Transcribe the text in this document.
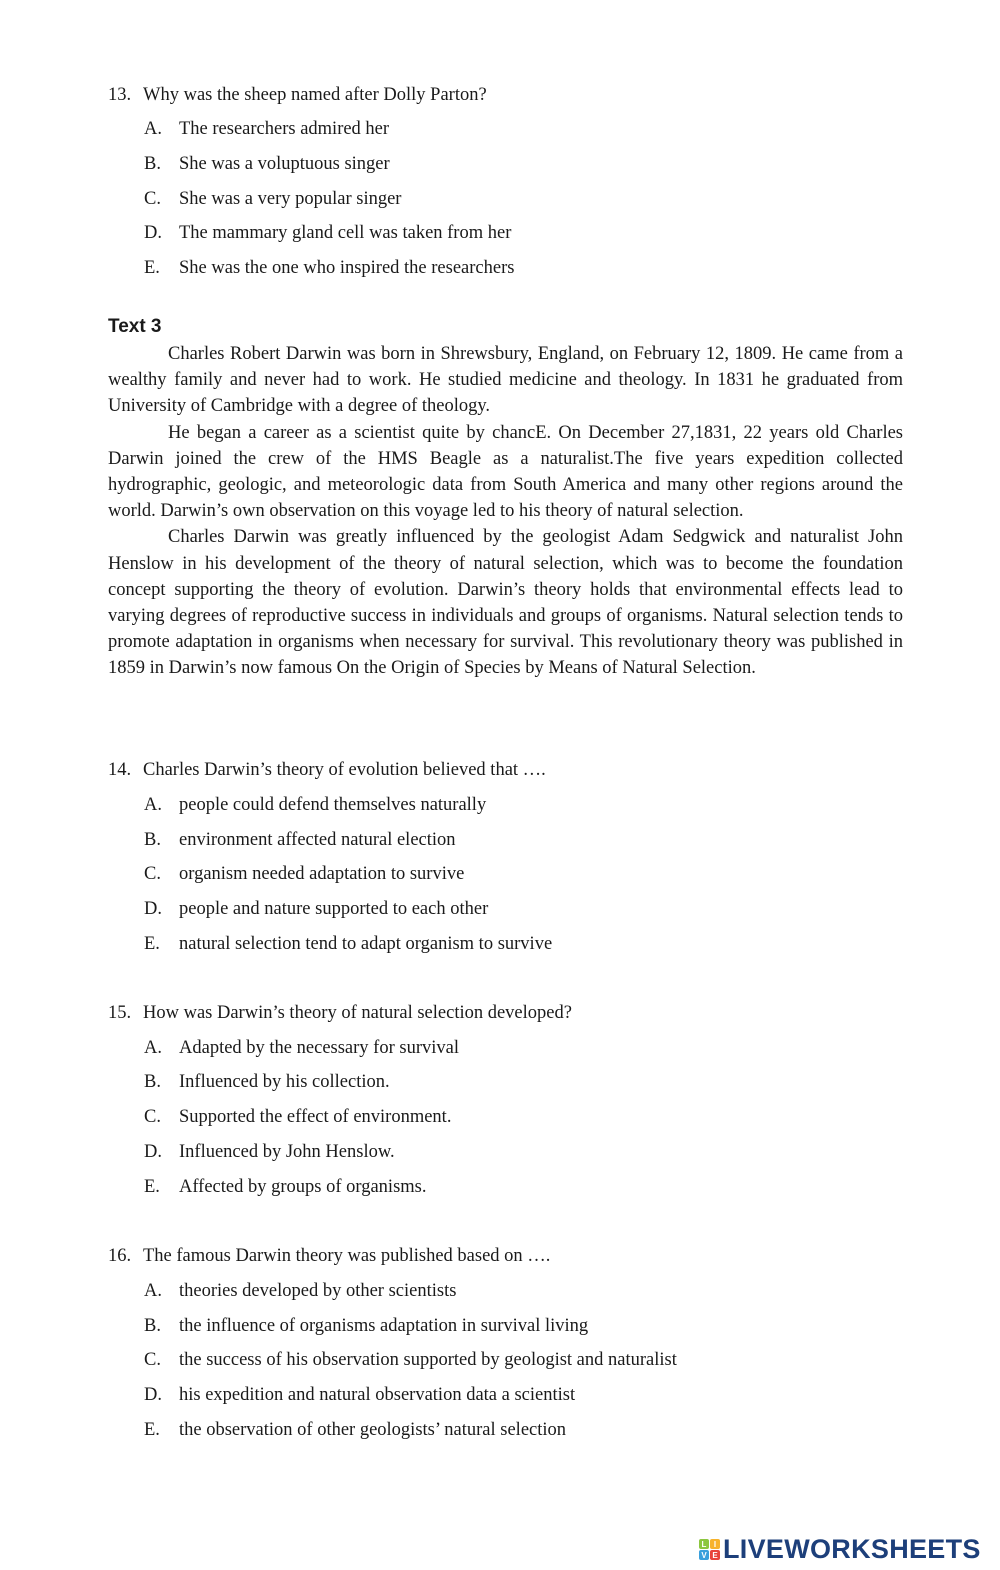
13. Why was the sheep named after Dolly Parton?
A. The researchers admired her
B. She was a voluptuous singer
C. She was a very popular singer
D. The mammary gland cell was taken from her
E. She was the one who inspired the researchers
Text 3

Charles Robert Darwin was born in Shrewsbury, England, on February 12, 1809. He came from a wealthy family and never had to work. He studied medicine and theology. In 1831 he graduated from University of Cambridge with a degree of theology.

He began a career as a scientist quite by chancE. On December 27,1831, 22 years old Charles Darwin joined the crew of the HMS Beagle as a naturalist.The five years expedition collected hydrographic, geologic, and meteorologic data from South America and many other regions around the world. Darwin’s own observation on this voyage led to his theory of natural selection.

Charles Darwin was greatly influenced by the geologist Adam Sedgwick and naturalist John Henslow in his development of the theory of natural selection, which was to become the foundation concept supporting the theory of evolution. Darwin’s theory holds that environmental effects lead to varying degrees of reproductive success in individuals and groups of organisms. Natural selection tends to promote adaptation in organisms when necessary for survival. This revolutionary theory was published in 1859 in Darwin’s now famous On the Origin of Species by Means of Natural Selection.

14. Charles Darwin’s theory of evolution believed that ….
A. people could defend themselves naturally
B. environment affected natural election
C. organism needed adaptation to survive
D. people and nature supported to each other
E. natural selection tend to adapt organism to survive
15. How was Darwin’s theory of natural selection developed?
A. Adapted by the necessary for survival
B. Influenced by his collection.
C. Supported the effect of environment.
D. Influenced by John Henslow.
E. Affected by groups of organisms.
16. The famous Darwin theory was published based on ….
A. theories developed by other scientists
B. the influence of organisms adaptation in survival living
C. the success of his observation supported by geologist and naturalist
D. his expedition and natural observation data a scientist
E. the observation of other geologists’ natural selection
L I
V E LIVEWORKSHEETS
